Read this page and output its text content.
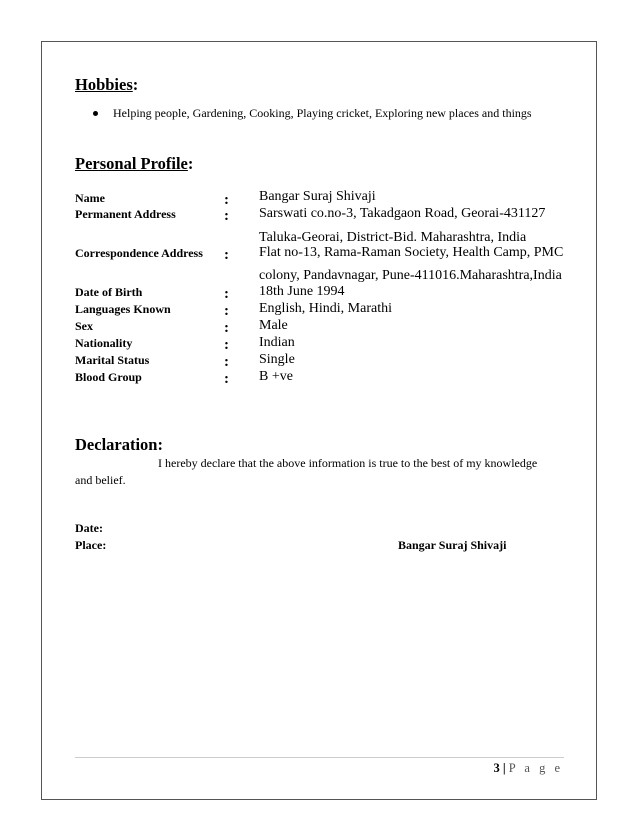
Hobbies:
Helping people, Gardening, Cooking, Playing cricket, Exploring new places and things
Personal Profile:
Name	: Bangar Suraj Shivaji
Permanent Address	: Sarswati co.no-3, Takadgaon Road, Georai-431127
Taluka-Georai, District-Bid. Maharashtra, India
Correspondence Address : Flat no-13, Rama-Raman Society, Health Camp, PMC
colony, Pandavnagar, Pune-411016.Maharashtra,India
Date of Birth	: 18th June 1994
Languages Known	: English, Hindi, Marathi
Sex	: Male
Nationality	: Indian
Marital Status	: Single
Blood Group	: B +ve
Declaration:
I hereby declare that the above information is true to the best of my knowledge
and belief.
Date:
Place:	Bangar Suraj Shivaji
3 | P a g e
